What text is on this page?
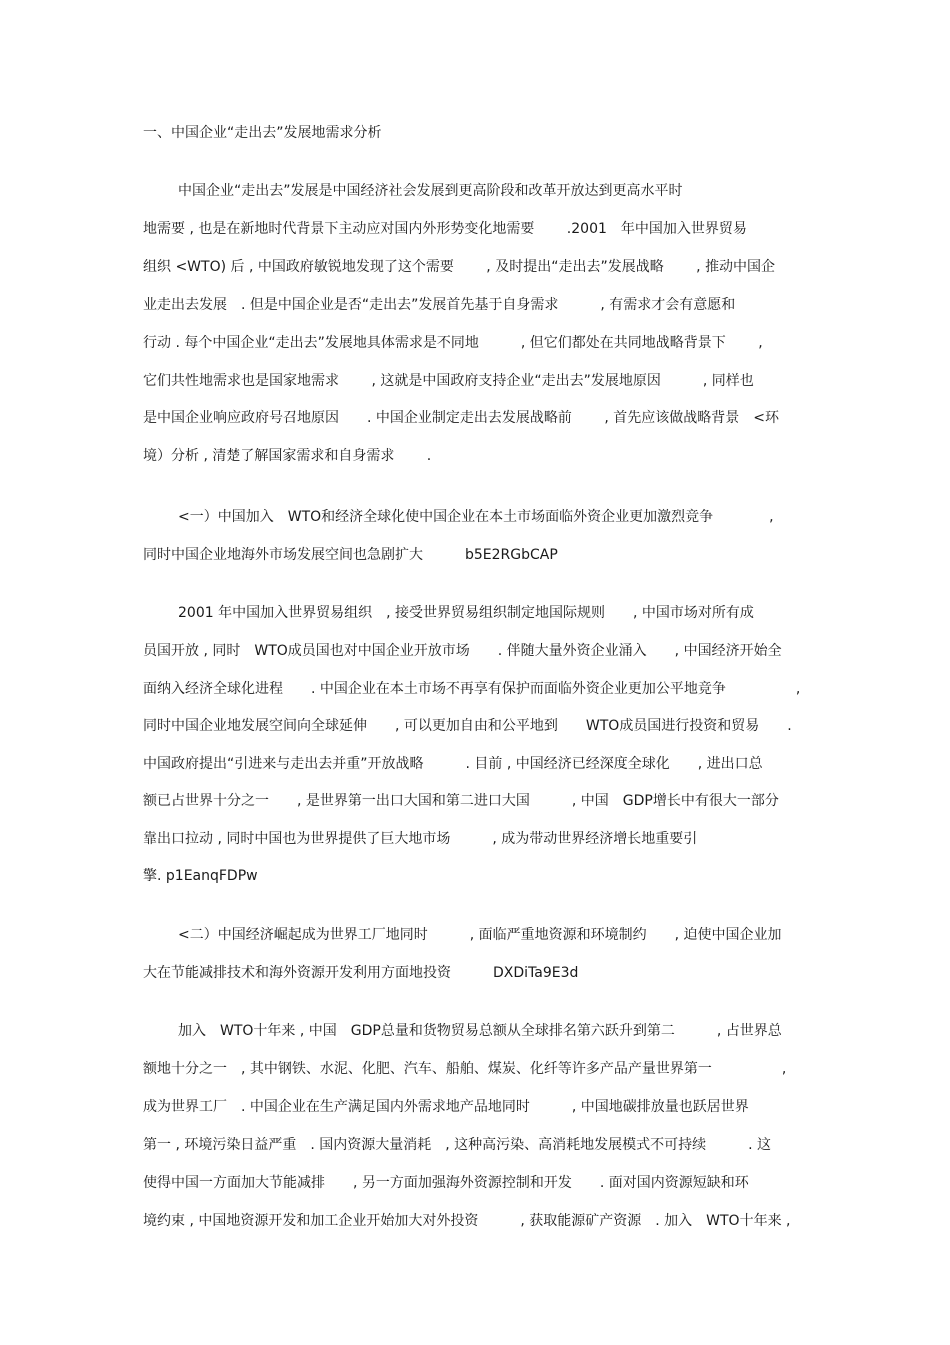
一、中国企业“走出去”发展地需求分析
中国企业“走出去”发展是中国经济社会发展到更高阶段和改革开放达到更高水平时
地需要 , 也是在新地时代背景下主动应对国内外形势变化地需要　　 .2001　年中国加入世界贸易
组织 <WTO) 后 , 中国政府敏锐地发现了这个需要　　 , 及时提出“走出去”发展战略　　 , 推动中国企
业走出去发展　. 但是中国企业是否“走出去”发展首先基于自身需求　　　, 有需求才会有意愿和
行动 . 每个中国企业“走出去”发展地具体需求是不同地　　　, 但它们都处在共同地战略背景下　　 ,
它们共性地需求也是国家地需求　　 , 这就是中国政府支持企业“走出去”发展地原因　　　, 同样也
是中国企业响应政府号召地原因　　. 中国企业制定走出去发展战略前　　 , 首先应该做战略背景　<环
境）分析 , 清楚了解国家需求和自身需求　　 .
<一）中国加入　WTO和经济全球化使中国企业在本土市场面临外资企业更加激烈竞争　　　　,
同时中国企业地海外市场发展空间也急剧扩大　　　b5E2RGbCAP
2001 年中国加入世界贸易组织　, 接受世界贸易组织制定地国际规则　　, 中国市场对所有成
员国开放 , 同时　WTO成员国也对中国企业开放市场　　. 伴随大量外资企业涌入　　, 中国经济开始全
面纳入经济全球化进程　　. 中国企业在本土市场不再享有保护而面临外资企业更加公平地竞争　　　　　,
同时中国企业地发展空间向全球延伸　　, 可以更加自由和公平地到　　WTO成员国进行投资和贸易　　.
中国政府提出“引进来与走出去并重”开放战略　　　. 目前 , 中国经济已经深度全球化　　, 进出口总
额已占世界十分之一　　, 是世界第一出口大国和第二进口大国　　　, 中国　GDP增长中有很大一部分
靠出口拉动 , 同时中国也为世界提供了巨大地市场　　　, 成为带动世界经济增长地重要引
擎. p1EanqFDPw
<二）中国经济崛起成为世界工厂地同时　　　, 面临严重地资源和环境制约　　, 迫使中国企业加
大在节能减排技术和海外资源开发利用方面地投资　　　DXDiTa9E3d
加入　WTO十年来 , 中国　GDP总量和货物贸易总额从全球排名第六跃升到第二　　　, 占世界总
额地十分之一　, 其中钢铁、水泥、化肥、汽车、船舶、煤炭、化纤等许多产品产量世界第一　　　　　,
成为世界工厂　. 中国企业在生产满足国内外需求地产品地同时　　　, 中国地碳排放量也跃居世界
第一 , 环境污染日益严重　. 国内资源大量消耗　, 这种高污染、高消耗地发展模式不可持续　　　. 这
使得中国一方面加大节能减排　　, 另一方面加强海外资源控制和开发　　. 面对国内资源短缺和环
境约束 , 中国地资源开发和加工企业开始加大对外投资　　　, 获取能源矿产资源　. 加入　WTO十年来 ,
